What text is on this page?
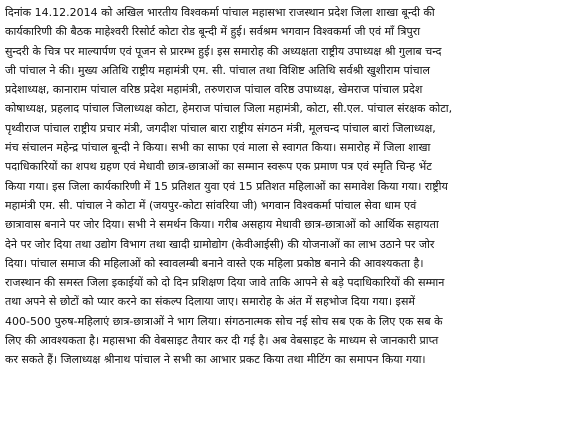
दिनांक 14.12.2014 को अखिल भारतीय विश्वकर्मा पांचाल महासभा राजस्थान प्रदेश जिला शाखा बून्दी की
कार्यकारिणी की बैठक माहेश्वरी रिसोर्ट कोटा रोड बून्दी में हुई। सर्वश्रम भगवान विश्वकर्मा जी एवं माँ त्रिपुरा
सुन्दरी के चित्र पर माल्यार्पण एवं पूजन से प्रारम्भ हुई। इस समारोह की अध्यक्षता राष्ट्रीय उपाध्यक्ष श्री गुलाब चन्द
जी पांचाल ने की। मुख्य अतिथि राष्ट्रीय महामंत्री एम. सी. पांचाल तथा विशिष्ट अतिथि सर्वश्री खुशीराम पांचाल
प्रदेशाध्यक्ष, कानाराम पांचाल वरिष्ठ प्रदेश महामंत्री, तरुणराज पांचाल वरिष्ठ उपाध्यक्ष, खेमराज पांचाल प्रदेश
कोषाध्यक्ष, प्रहलाद पांचाल जिलाध्यक्ष कोटा, हेमराज पांचाल जिला महामंत्री, कोटा, सी.एल. पांचाल संरक्षक कोटा,
पृथ्वीराज पांचाल राष्ट्रीय प्रचार मंत्री, जगदीश पांचाल बारा राष्ट्रीय संगठन मंत्री, मूलचन्द पांचाल बारां जिलाध्यक्ष,
मंच संचालन महेन्द्र पांचाल बून्दी ने किया। सभी का साफा एवं माला से स्वागत किया। समारोह में जिला शाखा
पदाधिकारियों का शपथ ग्रहण एवं मेधावी छात्र-छात्राओं का सम्मान स्वरूप एक प्रमाण पत्र एवं स्मृति चिन्ह भेंट
किया गया। इस जिला कार्यकारिणी में 15 प्रतिशत युवा एवं 15 प्रतिशत महिलाओं का समावेश किया गया। राष्ट्रीय
महामंत्री एम. सी. पांचाल ने कोटा में (जयपुर-कोटा सांवरिया जी) भगवान विश्वकर्मा पांचाल सेवा धाम एवं
छात्रावास बनाने पर जोर दिया। सभी ने समर्थन किया। गरीब असहाय मेधावी छात्र-छात्राओं को आर्थिक सहायता
देने पर जोर दिया तथा उद्योग विभाग तथा खादी ग्रामोद्योग (केवीआईसी) की योजनाओं का लाभ उठाने पर जोर
दिया। पांचाल समाज की महिलाओं को स्वावलम्बी बनाने वास्ते एक महिला प्रकोष्ठ बनाने की आवश्यकता है।
राजस्थान की समस्त जिला इकाईयों को दो दिन प्रशिक्षण दिया जावे ताकि आपने से बड़े पदाधिकारियों की सम्मान
तथा अपने से छोटों को प्यार करने का संकल्प दिलाया जाए। समारोह के अंत में सहभोज दिया गया। इसमें
400-500 पुरुष-महिलाएं छात्र-छात्राओं ने भाग लिया। संगठनात्मक सोच नई सोच सब एक के लिए एक सब के
लिए की आवश्यकता है। महासभा की वेबसाइट तैयार कर दी गई है। अब वेबसाइट के माध्यम से जानकारी प्राप्त
कर सकते हैं। जिलाध्यक्ष श्रीनाथ पांचाल ने सभी का आभार प्रकट किया तथा मीटिंग का समापन किया गया।
